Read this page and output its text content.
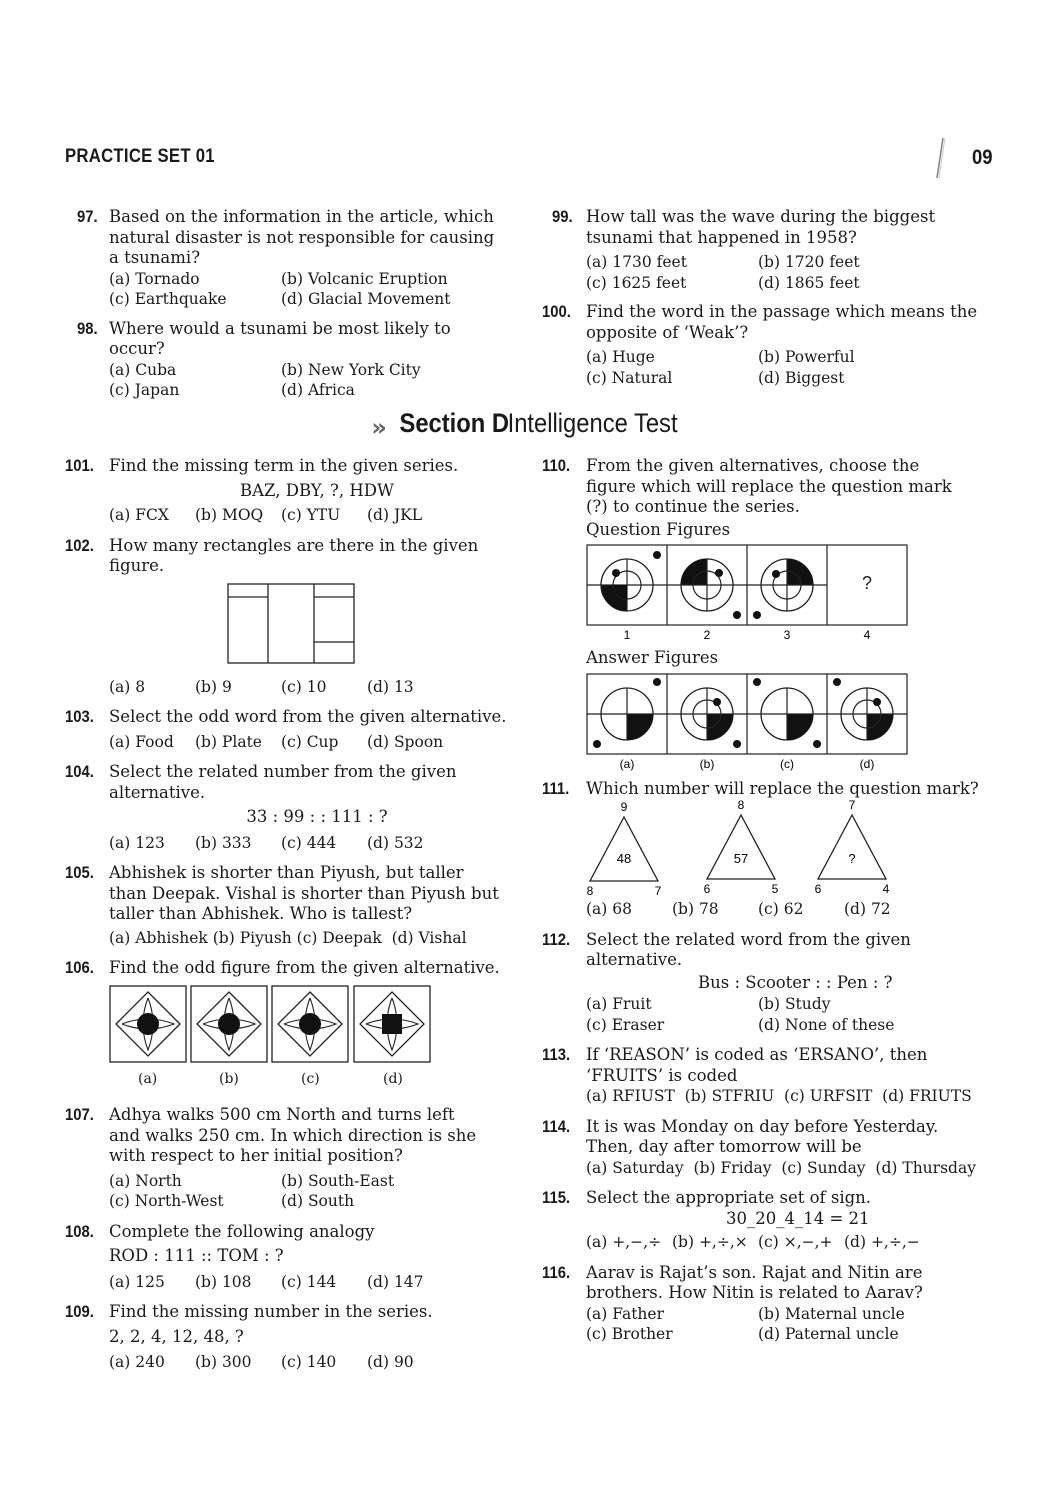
PRACTICE SET 01	09
97. Based on the information in the article, which natural disaster is not responsible for causing a tsunami?
(a) Tornado	(b) Volcanic Eruption
(c) Earthquake	(d) Glacial Movement
98. Where would a tsunami be most likely to occur?
(a) Cuba	(b) New York City
(c) Japan	(d) Africa
99. How tall was the wave during the biggest tsunami that happened in 1958?
(a) 1730 feet	(b) 1720 feet
(c) 1625 feet	(d) 1865 feet
100. Find the word in the passage which means the opposite of ‘Weak’?
(a) Huge	(b) Powerful
(c) Natural	(d) Biggest
» Section D Intelligence Test
101. Find the missing term in the given series.
BAZ, DBY, ?, HDW
(a) FCX	(b) MOQ	(c) YTU	(d) JKL
102. How many rectangles are there in the given figure.
(a) 8	(b) 9	(c) 10	(d) 13
103. Select the odd word from the given alternative.
(a) Food	(b) Plate	(c) Cup	(d) Spoon
104. Select the related number from the given alternative.
33 : 99 : : 111 : ?
(a) 123	(b) 333	(c) 444	(d) 532
105. Abhishek is shorter than Piyush, but taller than Deepak. Vishal is shorter than Piyush but taller than Abhishek. Who is tallest?
(a) Abhishek (b) Piyush (c) Deepak  (d) Vishal
106. Find the odd figure from the given alternative.
(a)	(b)	(c)	(d)
107. Adhya walks 500 cm North and turns left and walks 250 cm. In which direction is she with respect to her initial position?
(a) North	(b) South-East
(c) North-West	(d) South
108. Complete the following analogy
ROD : 111 :: TOM : ?
(a) 125	(b) 108	(c) 144	(d) 147
109. Find the missing number in the series.
2, 2, 4, 12, 48, ?
(a) 240	(b) 300	(c) 140	(d) 90
110. From the given alternatives, choose the figure which will replace the question mark (?) to continue the series.
Question Figures
?
1	2	3	4
Answer Figures
(a)	(b)	(c)	(d)
111. Which number will replace the question mark?
9
8	7
48
8
6	5
57
7
6	4
?
(a) 68	(b) 78	(c) 62	(d) 72
112. Select the related word from the given alternative.
Bus : Scooter : : Pen : ?
(a) Fruit	(b) Study
(c) Eraser	(d) None of these
113. If ‘REASON’ is coded as ‘ERSANO’, then ‘FRUITS’ is coded
(a) RFIUST  (b) STFRIU  (c) URFSIT  (d) FRIUTS
114. It is was Monday on day before Yesterday. Then, day after tomorrow will be
(a) Saturday  (b) Friday  (c) Sunday  (d) Thursday
115. Select the appropriate set of sign.
30_20_4_14 = 21
(a) +,−,÷ (b) +,÷,× (c) ×,−,+ (d) +,÷,−
116. Aarav is Rajat’s son. Rajat and Nitin are brothers. How Nitin is related to Aarav?
(a) Father	(b) Maternal uncle
(c) Brother	(d) Paternal uncle
